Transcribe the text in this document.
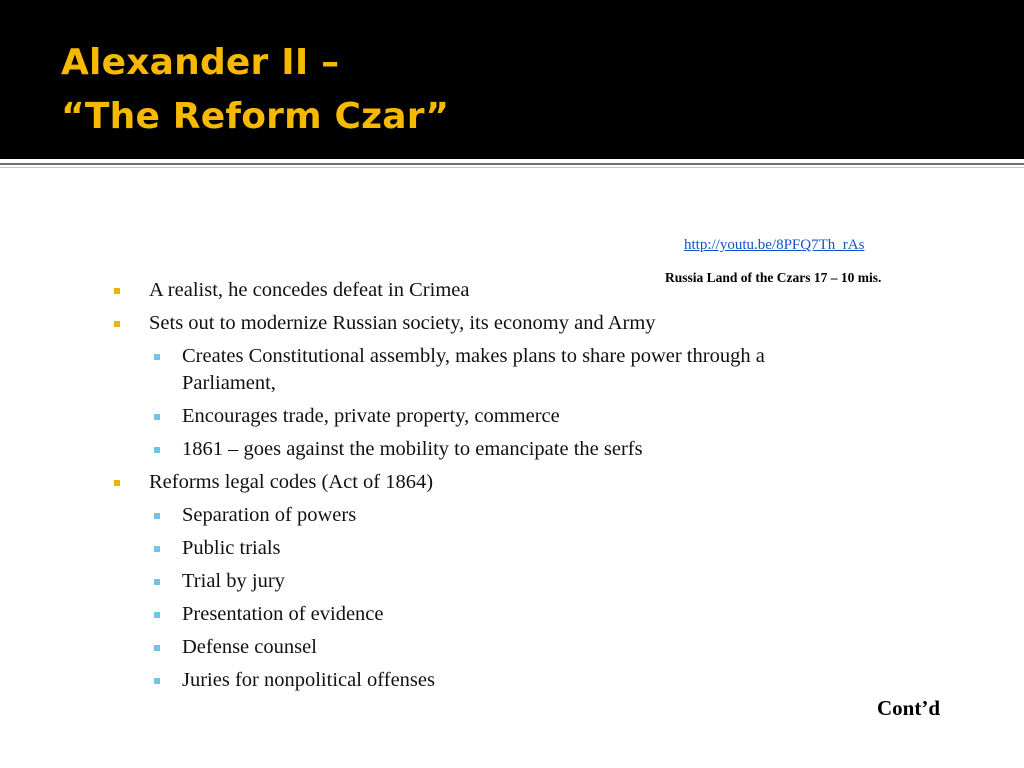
Alexander II –
“The Reform Czar”
http://youtu.be/8PFQ7Th_rAs
Russia Land of the Czars 17 – 10 mis.
A realist, he concedes defeat in Crimea
Sets out to modernize Russian society, its economy and Army
Creates Constitutional assembly, makes plans to share power through a
Parliament,
Encourages trade, private property, commerce
1861 – goes against the mobility to emancipate the serfs
Reforms legal codes (Act of 1864)
Separation of powers
Public trials
Trial by jury
Presentation of evidence
Defense counsel
Juries for nonpolitical offenses
Cont’d
